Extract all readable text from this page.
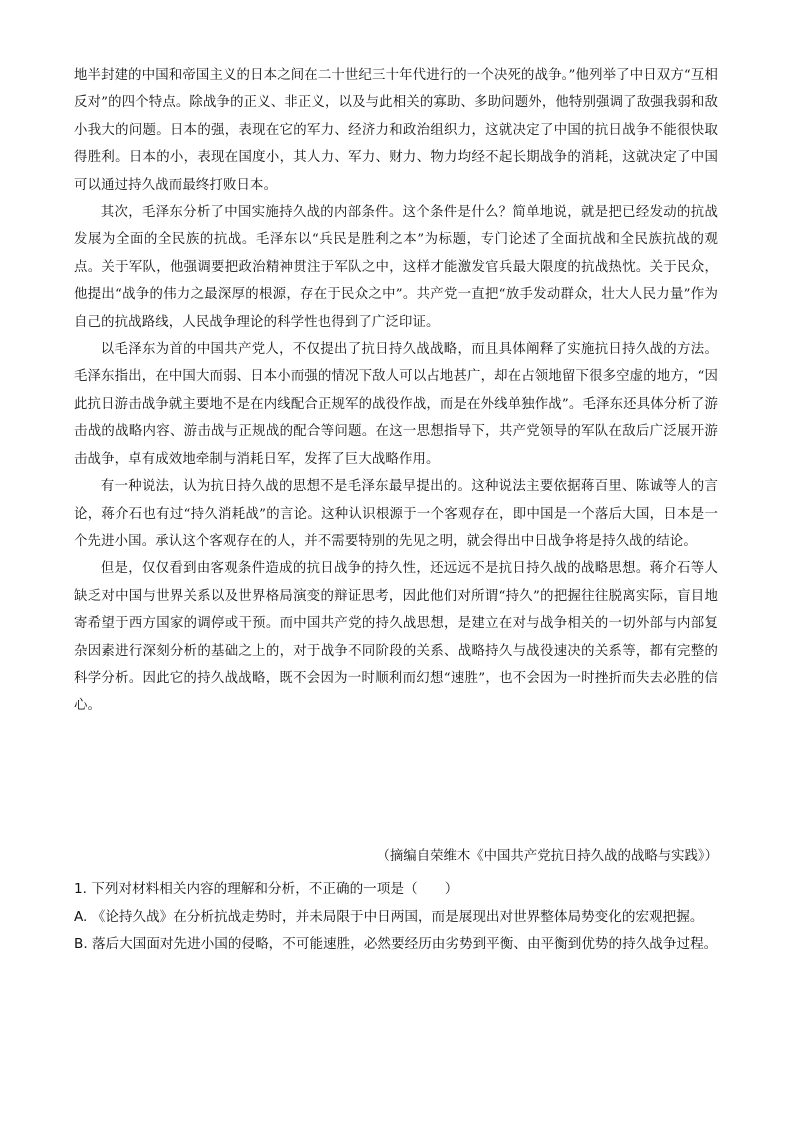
地半封建的中国和帝国主义的日本之间在二十世纪三十年代进行的一个决死的战争。”他列举了中日双方“互相反对”的四个特点。除战争的正义、非正义，以及与此相关的寡助、多助问题外，他特别强调了敌强我弱和敌小我大的问题。日本的强，表现在它的军力、经济力和政治组织力，这就决定了中国的抗日战争不能很快取得胜利。日本的小，表现在国度小，其人力、军力、财力、物力均经不起长期战争的消耗，这就决定了中国可以通过持久战而最终打败日本。

其次，毛泽东分析了中国实施持久战的内部条件。这个条件是什么？简单地说，就是把已经发动的抗战发展为全面的全民族的抗战。毛泽东以“兵民是胜利之本”为标题，专门论述了全面抗战和全民族抗战的观点。关于军队，他强调要把政治精神贯注于军队之中，这样才能激发官兵最大限度的抗战热忱。关于民众，他提出“战争的伟力之最深厚的根源，存在于民众之中”。共产党一直把“放手发动群众，壮大人民力量”作为自己的抗战路线，人民战争理论的科学性也得到了广泛印证。

以毛泽东为首的中国共产党人，不仅提出了抗日持久战战略，而且具体阐释了实施抗日持久战的方法。毛泽东指出，在中国大而弱、日本小而强的情况下敌人可以占地甚广，却在占领地留下很多空虚的地方，“因此抗日游击战争就主要地不是在内线配合正规军的战役作战，而是在外线单独作战”。毛泽东还具体分析了游击战的战略内容、游击战与正规战的配合等问题。在这一思想指导下，共产党领导的军队在敌后广泛展开游击战争，卓有成效地牵制与消耗日军，发挥了巨大战略作用。

有一种说法，认为抗日持久战的思想不是毛泽东最早提出的。这种说法主要依据蒋百里、陈诚等人的言论，蒋介石也有过“持久消耗战”的言论。这种认识根源于一个客观存在，即中国是一个落后大国，日本是一个先进小国。承认这个客观存在的人，并不需要特别的先见之明，就会得出中日战争将是持久战的结论。

但是，仅仅看到由客观条件造成的抗日战争的持久性，还远远不是抗日持久战的战略思想。蒋介石等人缺乏对中国与世界关系以及世界格局演变的辩证思考，因此他们对所谓“持久”的把握往往脱离实际，盲目地寄希望于西方国家的调停或干预。而中国共产党的持久战思想，是建立在对与战争相关的一切外部与内部复杂因素进行深刻分析的基础之上的，对于战争不同阶段的关系、战略持久与战役速决的关系等，都有完整的科学分析。因此它的持久战战略，既不会因为一时顺利而幻想“速胜”，也不会因为一时挫折而失去必胜的信心。

（摘编自荣维木《中国共产党抗日持久战的战略与实践》）

1. 下列对材料相关内容的理解和分析，不正确的一项是（　　）

A. 《论持久战》在分析抗战走势时，并未局限于中日两国，而是展现出对世界整体局势变化的宏观把握。

B. 落后大国面对先进小国的侵略，不可能速胜，必然要经历由劣势到平衡、由平衡到优势的持久战争过程。
